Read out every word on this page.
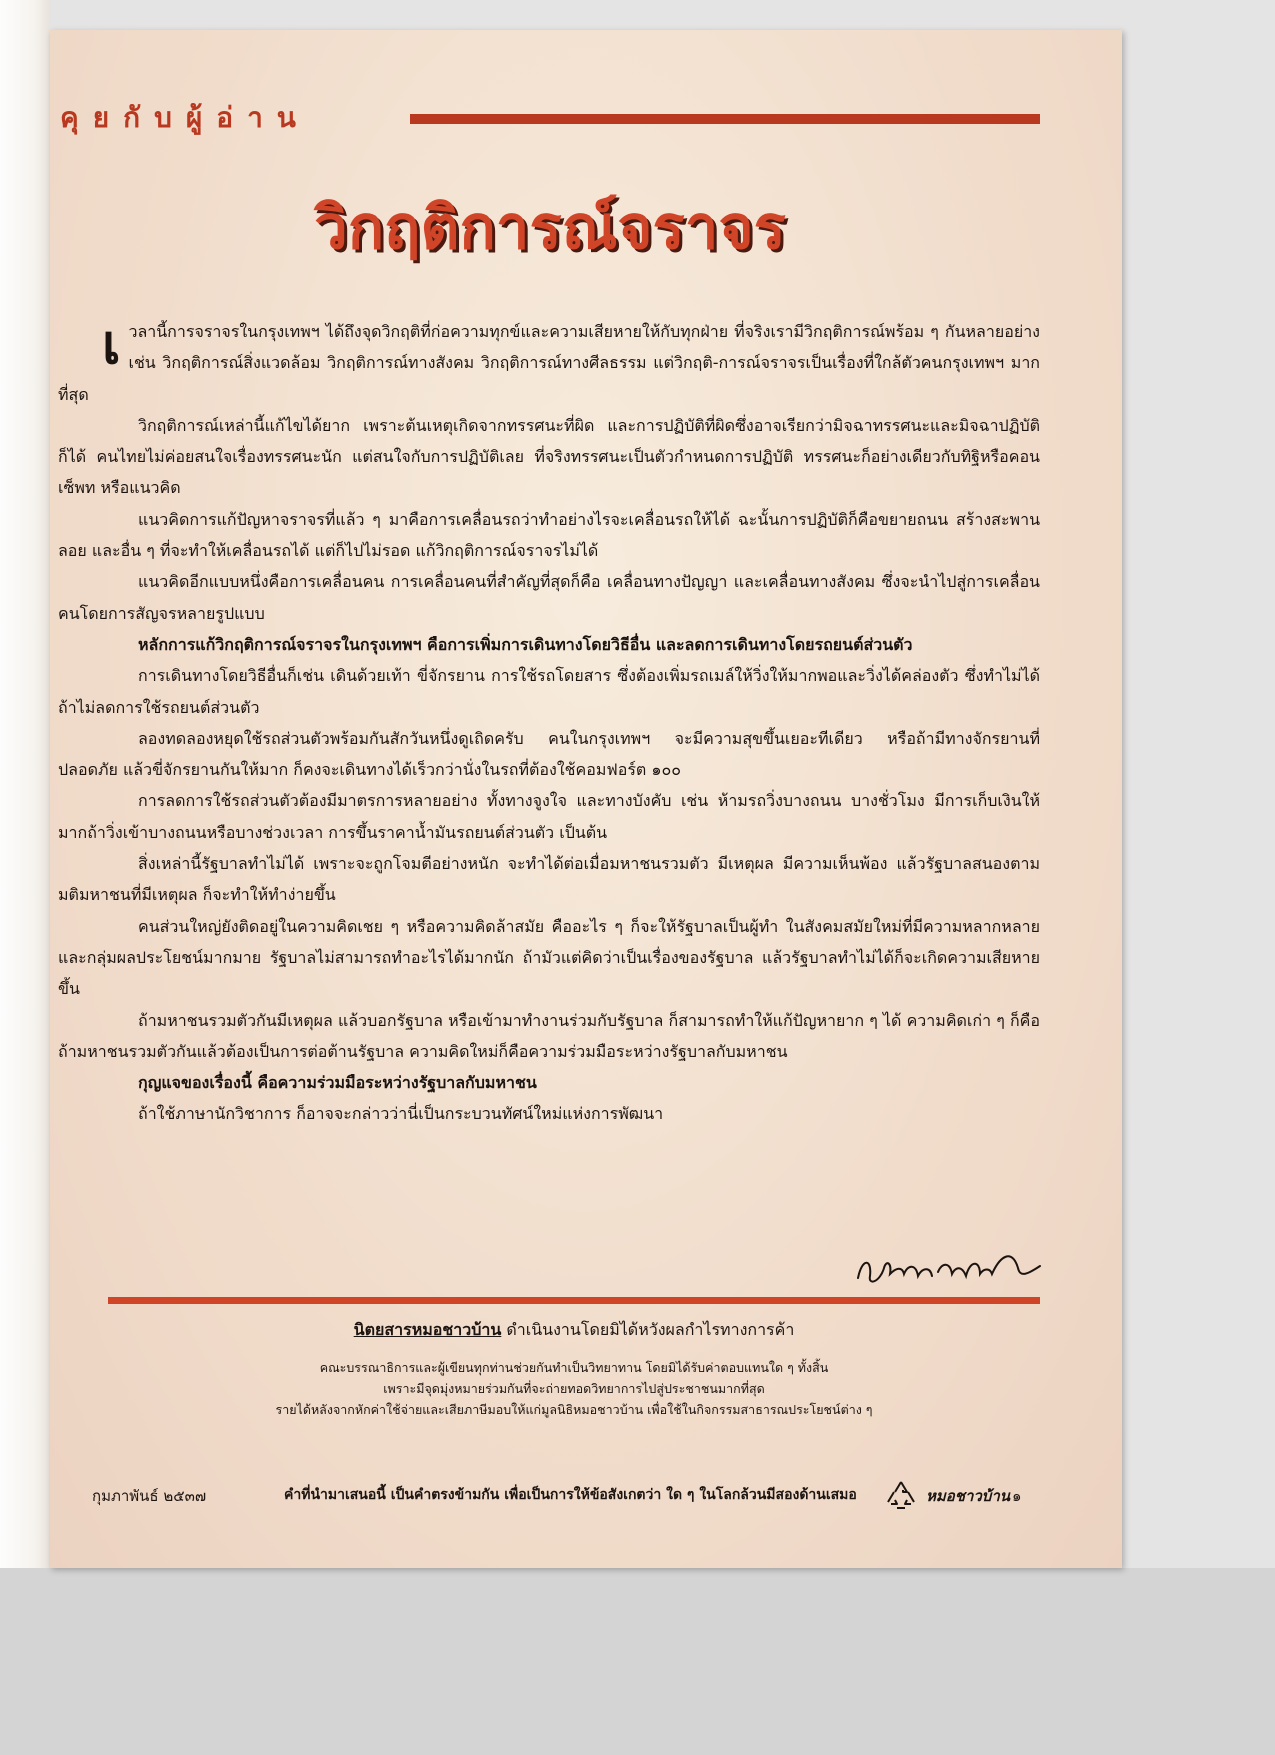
คุยกับผู้อ่าน
วิกฤติการณ์จราจร

เวลานี้การจราจรในกรุงเทพฯ ได้ถึงจุดวิกฤติที่ก่อความทุกข์และความเสียหายให้กับทุกฝ่าย ที่จริงเรามีวิกฤติการณ์พร้อม ๆ กันหลายอย่าง เช่น วิกฤติการณ์สิ่งแวดล้อม วิกฤติการณ์ทางสังคม วิกฤติการณ์ทางศีลธรรม แต่วิกฤติ-การณ์จราจรเป็นเรื่องที่ใกล้ตัวคนกรุงเทพฯ มากที่สุด

วิกฤติการณ์เหล่านี้แก้ไขได้ยาก เพราะต้นเหตุเกิดจากทรรศนะที่ผิด และการปฏิบัติที่ผิดซึ่งอาจเรียกว่ามิจฉาทรรศนะและมิจฉาปฏิบัติก็ได้ คนไทยไม่ค่อยสนใจเรื่องทรรศนะนัก แต่สนใจกับการปฏิบัติเลย ที่จริงทรรศนะเป็นตัวกำหนดการปฏิบัติ ทรรศนะก็อย่างเดียวกับทิฐิหรือคอนเซ็พท หรือแนวคิด

แนวคิดการแก้ปัญหาจราจรที่แล้ว ๆ มาคือการเคลื่อนรถว่าทำอย่างไรจะเคลื่อนรถให้ได้ ฉะนั้นการปฏิบัติก็คือขยายถนน สร้างสะพานลอย และอื่น ๆ ที่จะทำให้เคลื่อนรถได้ แต่ก็ไปไม่รอด แก้วิกฤติการณ์จราจรไม่ได้

แนวคิดอีกแบบหนึ่งคือการเคลื่อนคน การเคลื่อนคนที่สำคัญที่สุดก็คือ เคลื่อนทางปัญญา และเคลื่อนทางสังคม ซึ่งจะนำไปสู่การเคลื่อนคนโดยการสัญจรหลายรูปแบบ

หลักการแก้วิกฤติการณ์จราจรในกรุงเทพฯ คือการเพิ่มการเดินทางโดยวิธีอื่น และลดการเดินทางโดยรถยนต์ส่วนตัว

การเดินทางโดยวิธีอื่นก็เช่น เดินด้วยเท้า ขี่จักรยาน การใช้รถโดยสาร ซึ่งต้องเพิ่มรถเมล์ให้วิ่งให้มากพอและวิ่งได้คล่องตัว ซึ่งทำไม่ได้ถ้าไม่ลดการใช้รถยนต์ส่วนตัว

ลองทดลองหยุดใช้รถส่วนตัวพร้อมกันสักวันหนึ่งดูเถิดครับ คนในกรุงเทพฯ จะมีความสุขขึ้นเยอะทีเดียว หรือถ้ามีทางจักรยานที่ปลอดภัย แล้วขี่จักรยานกันให้มาก ก็คงจะเดินทางได้เร็วกว่านั่งในรถที่ต้องใช้คอมฟอร์ต ๑๐๐

การลดการใช้รถส่วนตัวต้องมีมาตรการหลายอย่าง ทั้งทางจูงใจ และทางบังคับ เช่น ห้ามรถวิ่งบางถนน บางชั่วโมง มีการเก็บเงินให้มากถ้าวิ่งเข้าบางถนนหรือบางช่วงเวลา การขึ้นราคาน้ำมันรถยนต์ส่วนตัว เป็นต้น

สิ่งเหล่านี้รัฐบาลทำไม่ได้ เพราะจะถูกโจมตีอย่างหนัก จะทำได้ต่อเมื่อมหาชนรวมตัว มีเหตุผล มีความเห็นพ้อง แล้วรัฐบาลสนองตามมติมหาชนที่มีเหตุผล ก็จะทำให้ทำง่ายขึ้น

คนส่วนใหญ่ยังติดอยู่ในความคิดเชย ๆ หรือความคิดล้าสมัย คืออะไร ๆ ก็จะให้รัฐบาลเป็นผู้ทำ ในสังคมสมัยใหม่ที่มีความหลากหลายและกลุ่มผลประโยชน์มากมาย รัฐบาลไม่สามารถทำอะไรได้มากนัก ถ้ามัวแต่คิดว่าเป็นเรื่องของรัฐบาล แล้วรัฐบาลทำไม่ได้ก็จะเกิดความเสียหายขึ้น

ถ้ามหาชนรวมตัวกันมีเหตุผล แล้วบอกรัฐบาล หรือเข้ามาทำงานร่วมกับรัฐบาล ก็สามารถทำให้แก้ปัญหายาก ๆ ได้ ความคิดเก่า ๆ ก็คือถ้ามหาชนรวมตัวกันแล้วต้องเป็นการต่อต้านรัฐบาล ความคิดใหม่ก็คือความร่วมมือระหว่างรัฐบาลกับมหาชน

กุญแจของเรื่องนี้ คือความร่วมมือระหว่างรัฐบาลกับมหาชน

ถ้าใช้ภาษานักวิชาการ ก็อาจจะกล่าวว่านี่เป็นกระบวนทัศน์ใหม่แห่งการพัฒนา

นิตยสารหมอชาวบ้าน ดำเนินงานโดยมิได้หวังผลกำไรทางการค้า

คณะบรรณาธิการและผู้เขียนทุกท่านช่วยกันทำเป็นวิทยาทาน โดยมิได้รับค่าตอบแทนใด ๆ ทั้งสิ้น

เพราะมีจุดมุ่งหมายร่วมกันที่จะถ่ายทอดวิทยาการไปสู่ประชาชนมากที่สุด

รายได้หลังจากหักค่าใช้จ่ายและเสียภาษีมอบให้แก่มูลนิธิหมอชาวบ้าน เพื่อใช้ในกิจกรรมสาธารณประโยชน์ต่าง ๆ

กุมภาพันธ์ ๒๕๓๗	คำที่นำมาเสนอนี้ เป็นคำตรงข้ามกัน เพื่อเป็นการให้ข้อสังเกตว่า ใด ๆ ในโลกล้วนมีสองด้านเสมอ	หมอชาวบ้าน ๑
